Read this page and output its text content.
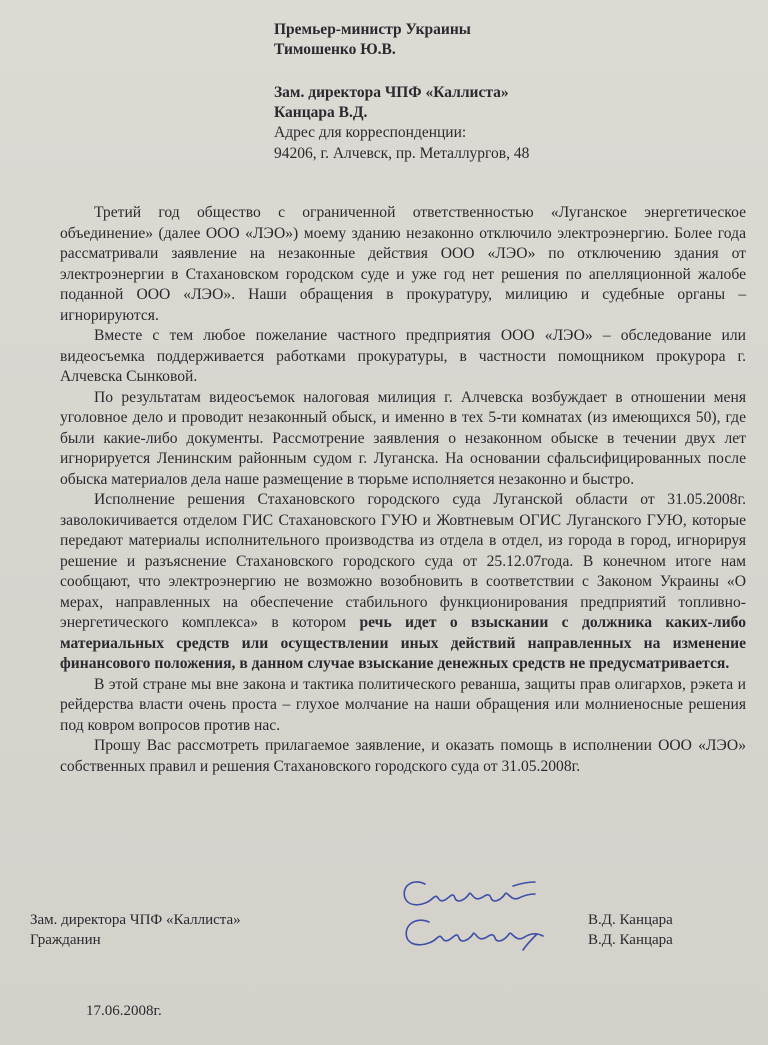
Премьер-министр Украины
Тимошенко Ю.В.
Зам. директора ЧПФ «Каллиста»
Канцара В.Д.
Адрес для корреспонденции:
94206, г. Алчевск, пр. Металлургов, 48

Третий год общество с ограниченной ответственностью «Луганское энергетическое объединение» (далее ООО «ЛЭО») моему зданию незаконно отключило электроэнергию. Более года рассматривали заявление на незаконные действия ООО «ЛЭО» по отключению здания от электроэнергии в Стахановском городском суде и уже год нет решения по апелляционной жалобе поданной ООО «ЛЭО». Наши обращения в прокуратуру, милицию и судебные органы – игнорируются.

Вместе с тем любое пожелание частного предприятия ООО «ЛЭО» – обследование или видеосъемка поддерживается работками прокуратуры, в частности помощником прокурора г. Алчевска Сынковой.

По результатам видеосъемок налоговая милиция г. Алчевска возбуждает в отношении меня уголовное дело и проводит незаконный обыск, и именно в тех 5-ти комнатах (из имеющихся 50), где были какие-либо документы. Рассмотрение заявления о незаконном обыске в течении двух лет игнорируется Ленинским районным судом г. Луганска. На основании сфальсифицированных после обыска материалов дела наше размещение в тюрьме исполняется незаконно и быстро.

Исполнение решения Стахановского городского суда Луганской области от 31.05.2008г. заволокичивается отделом ГИС Стахановского ГУЮ и Жовтневым ОГИС Луганского ГУЮ, которые передают материалы исполнительного производства из отдела в отдел, из города в город, игнорируя решение и разъяснение Стахановского городского суда от 25.12.07года. В конечном итоге нам сообщают, что электроэнергию не возможно возобновить в соответствии с Законом Украины «О мерах, направленных на обеспечение стабильного функционирования предприятий топливно-энергетического комплекса» в котором речь идет о взыскании с должника каких-либо материальных средств или осуществлении иных действий направленных на изменение финансового положения, в данном случае взыскание денежных средств не предусматривается.

В этой стране мы вне закона и тактика политического реванша, защиты прав олигархов, рэкета и рейдерства власти очень проста – глухое молчание на наши обращения или молниеносные решения под ковром вопросов против нас.

Прошу Вас рассмотреть прилагаемое заявление, и оказать помощь в исполнении ООО «ЛЭО» собственных правил и решения Стахановского городского суда от 31.05.2008г.

Зам. директора ЧПФ «Каллиста»
Гражданин
В.Д. Канцара
В.Д. Канцара
17.06.2008г.
